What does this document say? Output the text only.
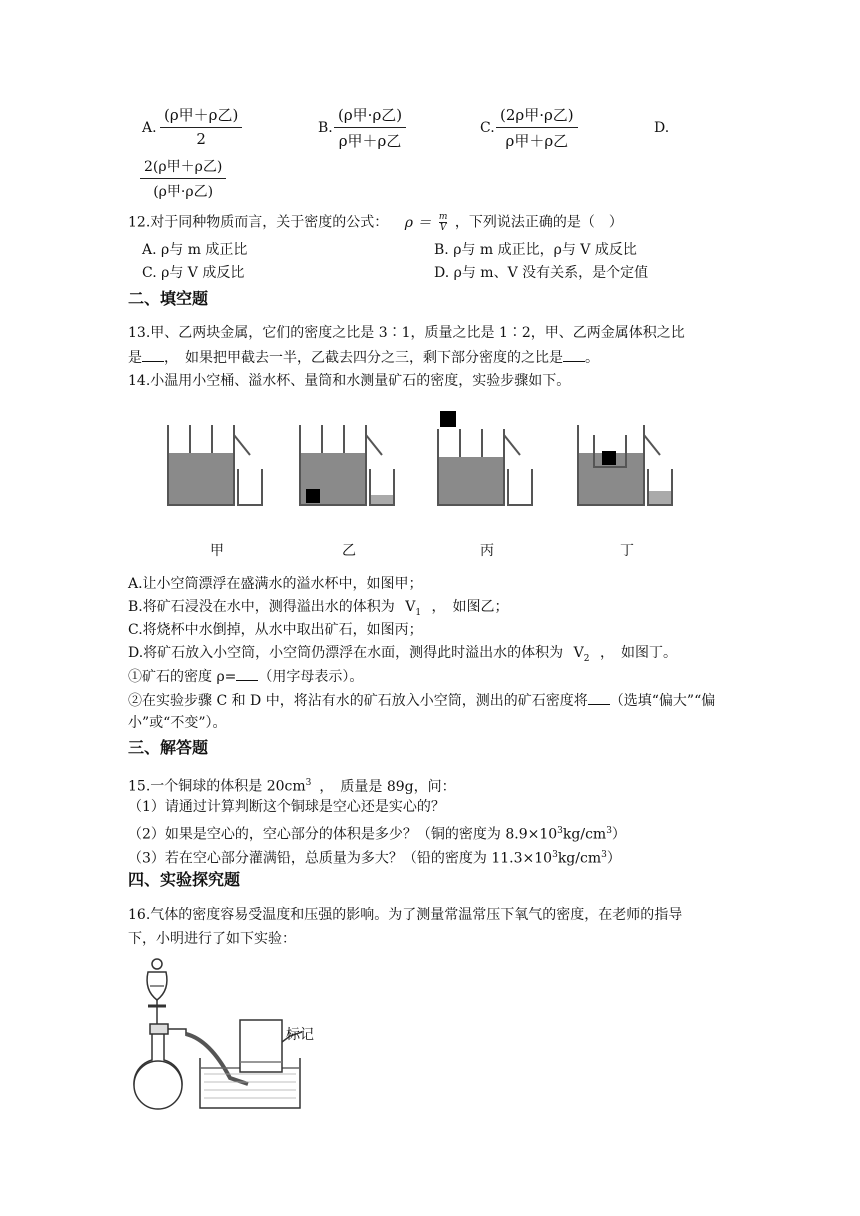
A.
(ρ甲＋ρ乙)
2
B.
(ρ甲·ρ乙)
ρ甲＋ρ乙
C.
(2ρ甲·ρ乙)
ρ甲＋ρ乙
D.
2(ρ甲＋ρ乙)
(ρ甲·ρ乙)
12.对于同种物质而言，关于密度的公式： $\rho = \frac{m}{V}$ ，下列说法正确的是（　）
A. ρ与 m 成正比	B. ρ与 m 成正比，ρ与 V 成反比
C. ρ与 V 成反比	D. ρ与 m、V 没有关系，是个定值
二、填空题
13.甲、乙两块金属，它们的密度之比是 3∶1，质量之比是 1∶2，甲、乙两金属体积之比
是 ，　如果把甲截去一半，乙截去四分之三，剩下部分密度的之比是 。
14.小温用小空桶、溢水杯、量筒和水测量矿石的密度，实验步骤如下。
甲	乙	丙	丁
A.让小空筒漂浮在盛满水的溢水杯中，如图甲；
B.将矿石浸没在水中，测得溢出水的体积为 $V_1$ ，　如图乙；
C.将烧杯中水倒掉，从水中取出矿石，如图丙；
D.将矿石放入小空筒，小空筒仍漂浮在水面，测得此时溢出水的体积为 $V_2$ ，　如图丁。
①矿石的密度 ρ= （用字母表示）。
②在实验步骤 C 和 D 中，将沾有水的矿石放入小空筒，测出的矿石密度将 （选填“偏大”“偏
小”或“不变”）。
三、解答题
15.一个铜球的体积是 $20cm^3$ ，　质量是 89g，问：
（1）请通过计算判断这个铜球是空心还是实心的？
（2）如果是空心的，空心部分的体积是多少？（铜的密度为 $8.9\times 10^3kg/cm^3$）
（3）若在空心部分灌满铅，总质量为多大？（铅的密度为 $11.3\times 10^3kg/cm^3$）
四、实验探究题
16.气体的密度容易受温度和压强的影响。为了测量常温常压下氧气的密度，在老师的指导
下，小明进行了如下实验：
标记
